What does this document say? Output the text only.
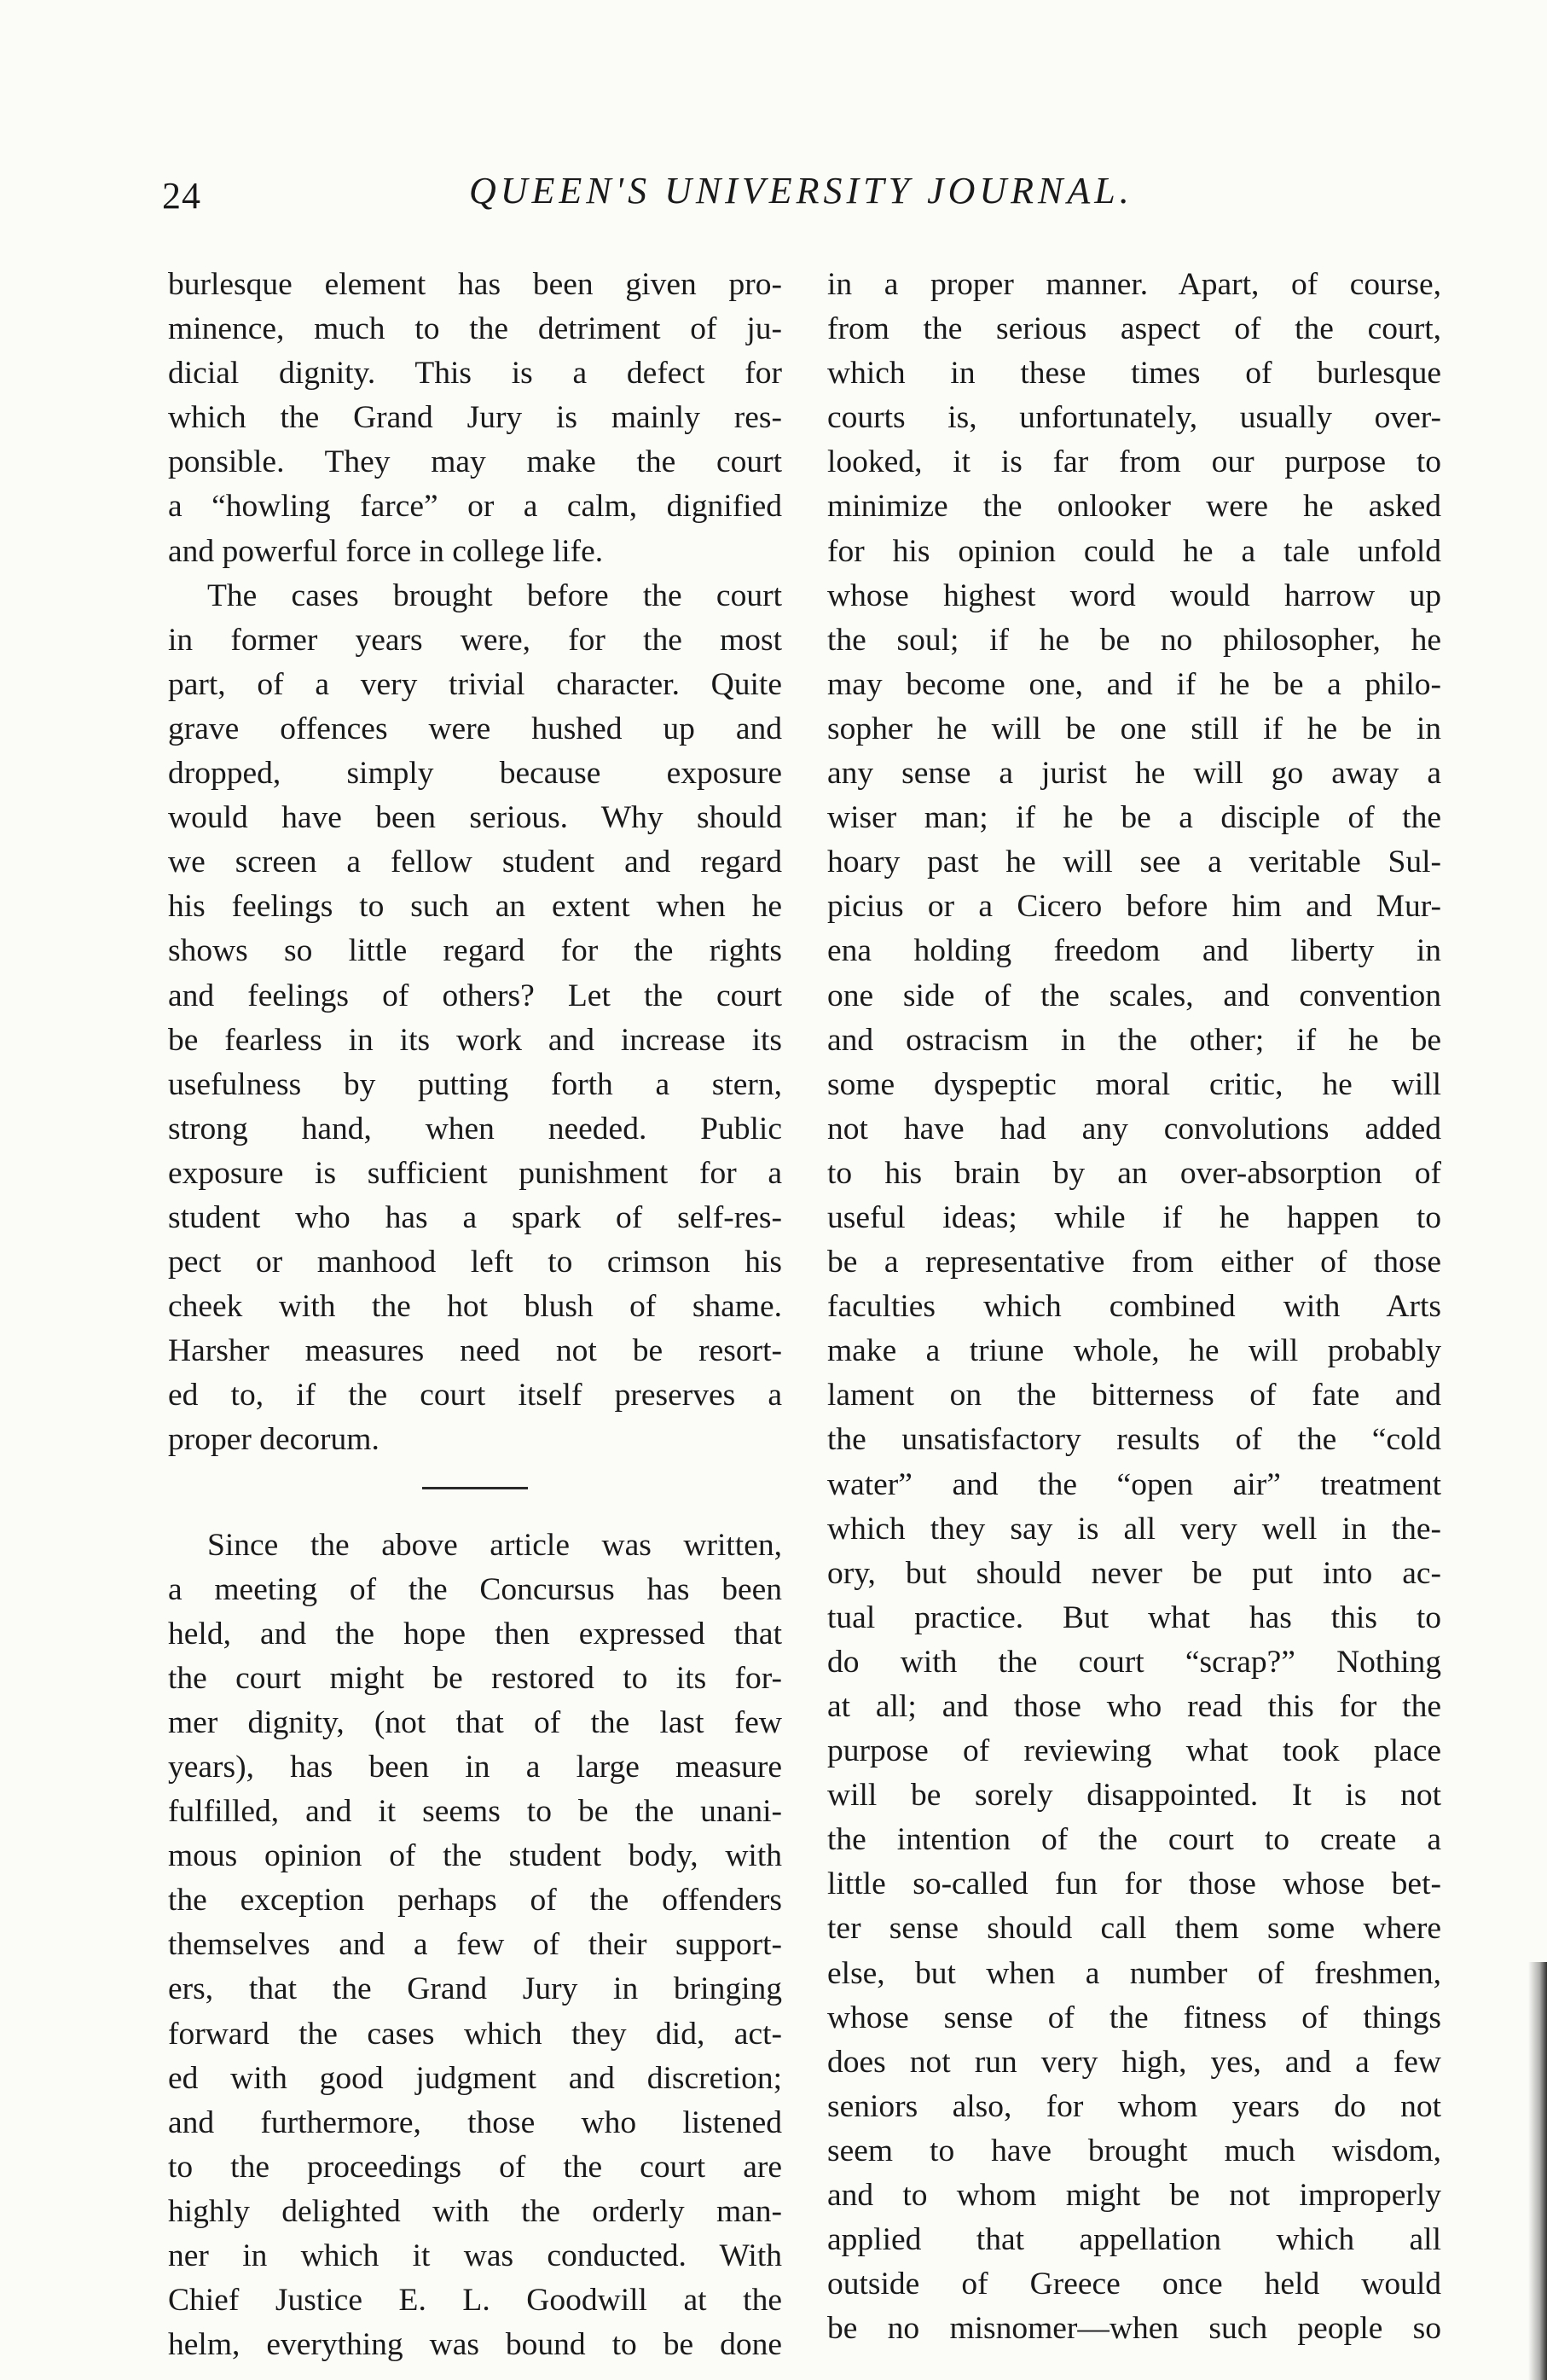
24	QUEEN'S UNIVERSITY JOURNAL.
burlesque element has been given pro-
minence, much to the detriment of ju-
dicial dignity. This is a defect for
which the Grand Jury is mainly res-
ponsible. They may make the court
a “howling farce” or a calm, dignified
and powerful force in college life.
The cases brought before the court
in former years were, for the most
part, of a very trivial character. Quite
grave offences were hushed up and
dropped, simply because exposure
would have been serious. Why should
we screen a fellow student and regard
his feelings to such an extent when he
shows so little regard for the rights
and feelings of others? Let the court
be fearless in its work and increase its
usefulness by putting forth a stern,
strong hand, when needed. Public
exposure is sufficient punishment for a
student who has a spark of self-res-
pect or manhood left to crimson his
cheek with the hot blush of shame.
Harsher measures need not be resort-
ed to, if the court itself preserves a
proper decorum.
Since the above article was written,
a meeting of the Concursus has been
held, and the hope then expressed that
the court might be restored to its for-
mer dignity, (not that of the last few
years), has been in a large measure
fulfilled, and it seems to be the unani-
mous opinion of the student body, with
the exception perhaps of the offenders
themselves and a few of their support-
ers, that the Grand Jury in bringing
forward the cases which they did, act-
ed with good judgment and discretion;
and furthermore, those who listened
to the proceedings of the court are
highly delighted with the orderly man-
ner in which it was conducted. With
Chief Justice E. L. Goodwill at the
helm, everything was bound to be done
in a proper manner. Apart, of course,
from the serious aspect of the court,
which in these times of burlesque
courts is, unfortunately, usually over-
looked, it is far from our purpose to
minimize the onlooker were he asked
for his opinion could he a tale unfold
whose highest word would harrow up
the soul; if he be no philosopher, he
may become one, and if he be a philo-
sopher he will be one still if he be in
any sense a jurist he will go away a
wiser man; if he be a disciple of the
hoary past he will see a veritable Sul-
picius or a Cicero before him and Mur-
ena holding freedom and liberty in
one side of the scales, and convention
and ostracism in the other; if he be
some dyspeptic moral critic, he will
not have had any convolutions added
to his brain by an over-absorption of
useful ideas; while if he happen to
be a representative from either of those
faculties which combined with Arts
make a triune whole, he will probably
lament on the bitterness of fate and
the unsatisfactory results of the “cold
water” and the “open air” treatment
which they say is all very well in the-
ory, but should never be put into ac-
tual practice. But what has this to
do with the court “scrap?” Nothing
at all; and those who read this for the
purpose of reviewing what took place
will be sorely disappointed. It is not
the intention of the court to create a
little so-called fun for those whose bet-
ter sense should call them some where
else, but when a number of freshmen,
whose sense of the fitness of things
does not run very high, yes, and a few
seniors also, for whom years do not
seem to have brought much wisdom,
and to whom might be not improperly
applied that appellation which all
outside of Greece once held would
be no misnomer—when such people so
